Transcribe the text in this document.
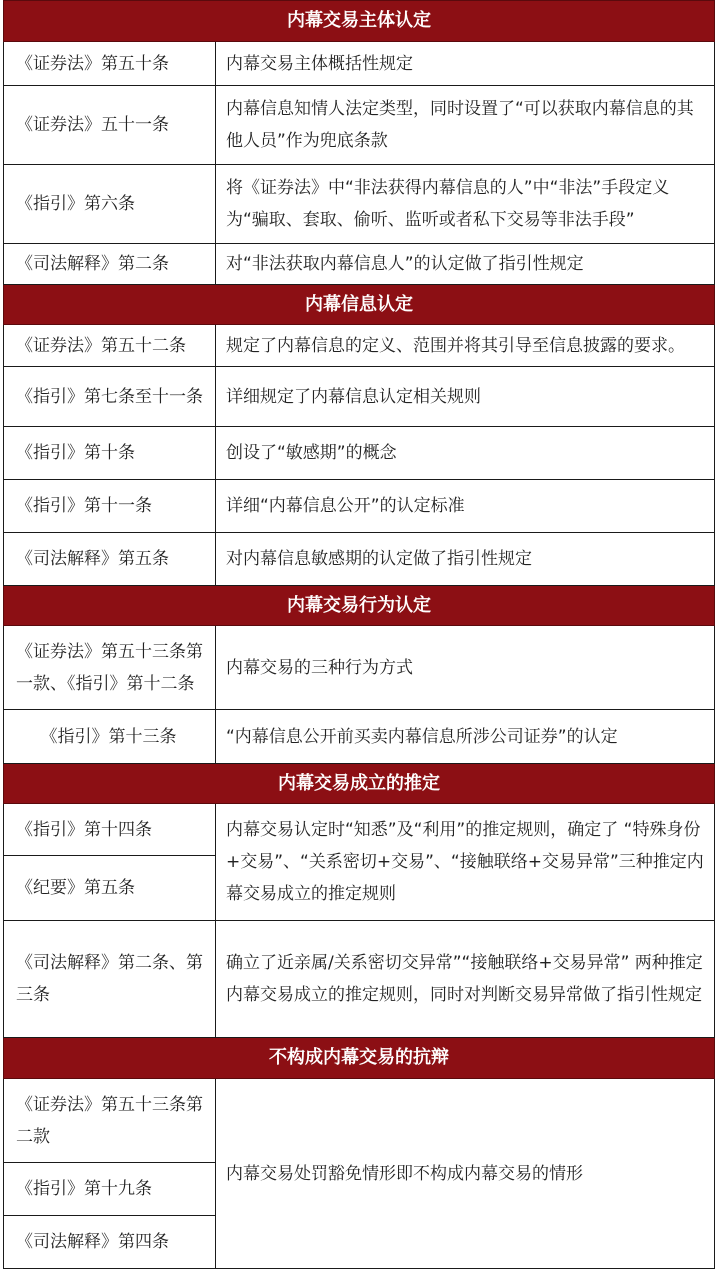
内幕交易主体认定	
《证券法》第五十条	内幕交易主体概括性规定
《证券法》五十一条	内幕信息知情人法定类型，同时设置了“可以获取内幕信息的其他人员”作为兜底条款
《指引》第六条	将《证券法》中“非法获得内幕信息的人”中“非法”手段定义为“骗取、套取、偷听、监听或者私下交易等非法手段”
《司法解释》第二条	对“非法获取内幕信息人”的认定做了指引性规定
内幕信息认定	
《证券法》第五十二条	规定了内幕信息的定义、范围并将其引导至信息披露的要求。
《指引》第七条至十一条	详细规定了内幕信息认定相关规则
《指引》第十条	创设了“敏感期”的概念
《指引》第十一条	详细“内幕信息公开”的认定标准
《司法解释》第五条	对内幕信息敏感期的认定做了指引性规定
内幕交易行为认定	
《证券法》第五十三条第一款、《指引》第十二条	内幕交易的三种行为方式
《指引》第十三条	“内幕信息公开前买卖内幕信息所涉公司证券”的认定
内幕交易成立的推定	
《指引》第十四条	内幕交易认定时“知悉”及“利用”的推定规则，确定了 “特殊身份+交易”、“关系密切+交易”、“接触联络+交易异常”三种推定内幕交易成立的推定规则
《纪要》第五条	
《司法解释》第二条、第三条	确立了近亲属/关系密切交异常”“接触联络+交易异常” 两种推定内幕交易成立的推定规则，同时对判断交易异常做了指引性规定
不构成内幕交易的抗辩	
《证券法》第五十三条第二款	内幕交易处罚豁免情形即不构成内幕交易的情形
《指引》第十九条	
《司法解释》第四条	
